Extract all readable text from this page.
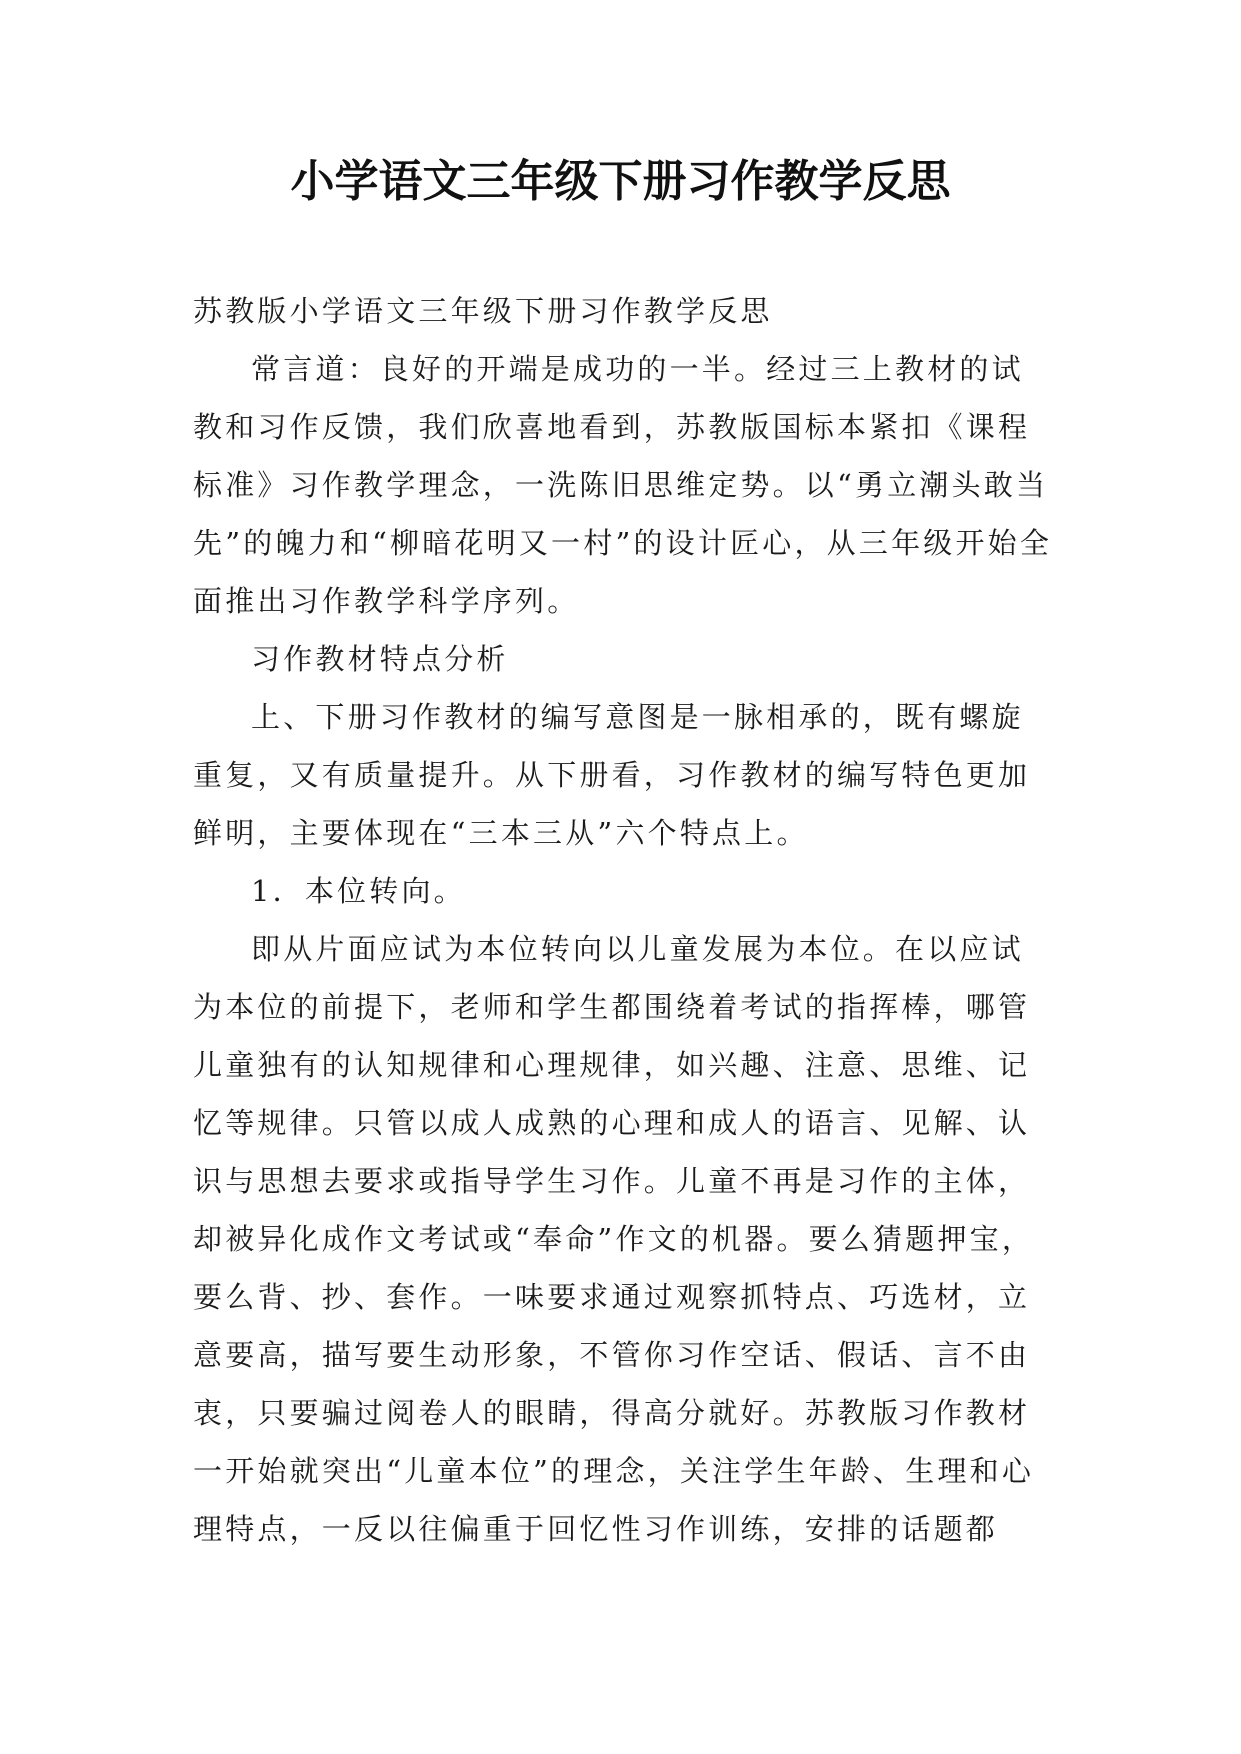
小学语文三年级下册习作教学反思

苏教版小学语文三年级下册习作教学反思

常言道：良好的开端是成功的一半。经过三上教材的试教和习作反馈，我们欣喜地看到，苏教版国标本紧扣《课程标准》习作教学理念，一洗陈旧思维定势。以“勇立潮头敢当先”的魄力和“柳暗花明又一村”的设计匠心，从三年级开始全面推出习作教学科学序列。

习作教材特点分析

上、下册习作教材的编写意图是一脉相承的，既有螺旋重复，又有质量提升。从下册看，习作教材的编写特色更加鲜明，主要体现在“三本三从”六个特点上。

1．本位转向。

即从片面应试为本位转向以儿童发展为本位。在以应试为本位的前提下，老师和学生都围绕着考试的指挥棒，哪管儿童独有的认知规律和心理规律，如兴趣、注意、思维、记忆等规律。只管以成人成熟的心理和成人的语言、见解、认识与思想去要求或指导学生习作。儿童不再是习作的主体，却被异化成作文考试或“奉命”作文的机器。要么猜题押宝，要么背、抄、套作。一味要求通过观察抓特点、巧选材，立意要高，描写要生动形象，不管你习作空话、假话、言不由衷，只要骗过阅卷人的眼睛，得高分就好。苏教版习作教材一开始就突出“儿童本位”的理念，关注学生年龄、生理和心理特点，一反以往偏重于回忆性习作训练，安排的话题都
